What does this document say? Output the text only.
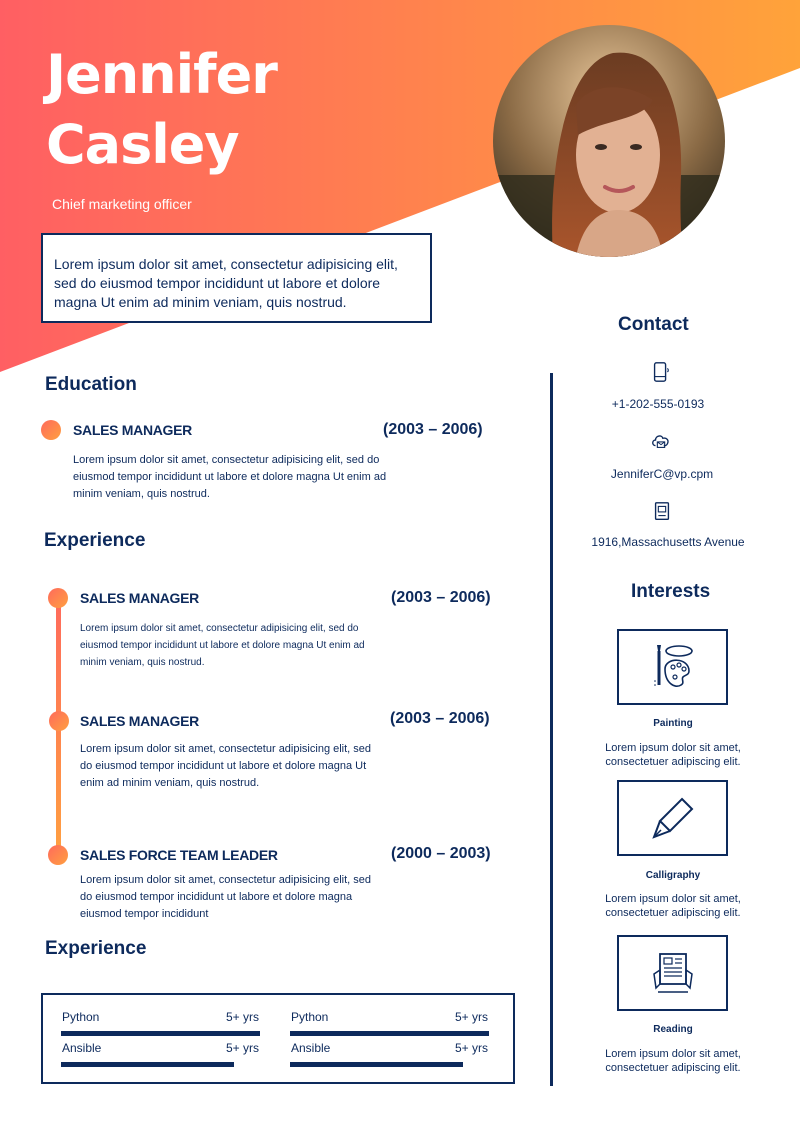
Jennifer
Casley
Chief marketing officer
Lorem ipsum dolor sit amet, consectetur adipisicing elit, sed do eiusmod tempor incididunt ut labore et dolore magna Ut enim ad minim veniam, quis nostrud.
Education
SALES MANAGER	(2003 – 2006)
Lorem ipsum dolor sit amet, consectetur adipisicing elit, sed do eiusmod tempor incididunt ut labore et dolore magna Ut enim ad minim veniam, quis nostrud.
Experience
SALES MANAGER	(2003 – 2006)
Lorem ipsum dolor sit amet, consectetur adipisicing elit, sed do eiusmod tempor incididunt ut labore et dolore magna Ut enim ad minim veniam, quis nostrud.
SALES MANAGER	(2003 – 2006)
Lorem ipsum dolor sit amet, consectetur adipisicing elit, sed do eiusmod tempor incididunt ut labore et dolore magna Ut enim ad minim veniam, quis nostrud.
SALES FORCE TEAM LEADER	(2000 – 2003)
Lorem ipsum dolor sit amet, consectetur adipisicing elit, sed do eiusmod tempor incididunt ut labore et dolore magna eiusmod tempor incididunt
Experience
Python	5+ yrs
Ansible	5+ yrs
Python	5+ yrs
Ansible	5+ yrs
Contact
+1-202-555-0193
JenniferC@vp.cpm
1916,Massachusetts Avenue
Interests
Painting
Lorem ipsum dolor sit amet, consectetuer adipiscing elit.
Calligraphy
Lorem ipsum dolor sit amet, consectetuer adipiscing elit.
Reading
Lorem ipsum dolor sit amet, consectetuer adipiscing elit.
